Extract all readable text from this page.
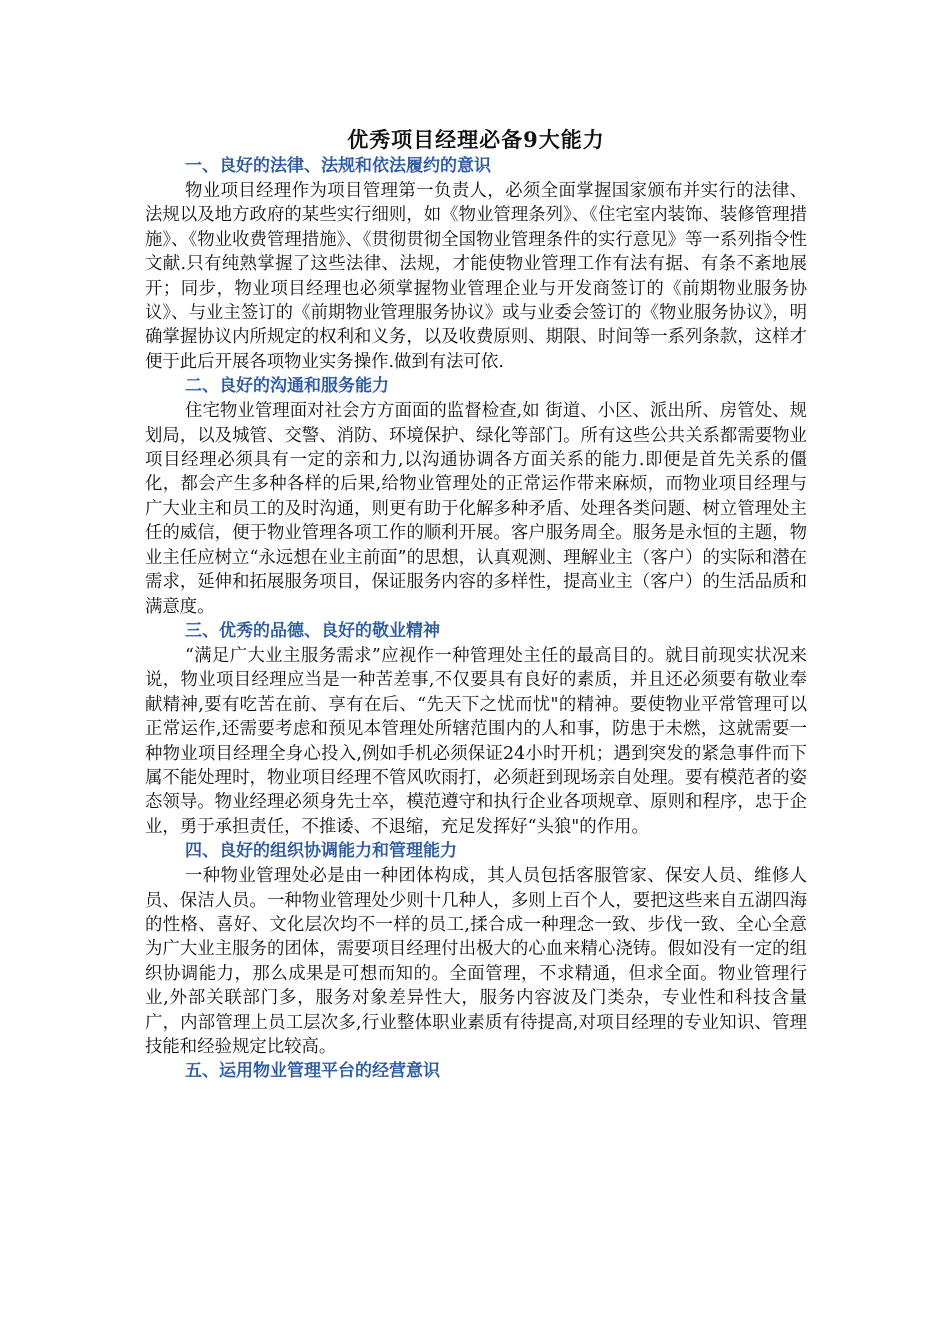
优秀项目经理必备9大能力
一、良好的法律、法规和依法履约的意识

物业项目经理作为项目管理第一负责人，必须全面掌握国家颁布并实行的法律、法规以及地方政府的某些实行细则，如《物业管理条列》、《住宅室内装饰、装修管理措施》、《物业收费管理措施》、《贯彻贯彻全国物业管理条件的实行意见》等一系列指令性文献.只有纯熟掌握了这些法律、法规，才能使物业管理工作有法有据、有条不紊地展开；同步，物业项目经理也必须掌握物业管理企业与开发商签订的《前期物业服务协议》、与业主签订的《前期物业管理服务协议》或与业委会签订的《物业服务协议》，明确掌握协议内所规定的权利和义务，以及收费原则、期限、时间等一系列条款，这样才便于此后开展各项物业实务操作.做到有法可依.

二、良好的沟通和服务能力

住宅物业管理面对社会方方面面的监督检查,如 街道、小区、派出所、房管处、规划局，以及城管、交警、消防、环境保护、绿化等部门。所有这些公共关系都需要物业项目经理必须具有一定的亲和力,以沟通协调各方面关系的能力.即便是首先关系的僵化，都会产生多种各样的后果,给物业管理处的正常运作带来麻烦，而物业项目经理与广大业主和员工的及时沟通，则更有助于化解多种矛盾、处理各类问题、树立管理处主任的威信，便于物业管理各项工作的顺利开展。客户服务周全。服务是永恒的主题，物业主任应树立“永远想在业主前面”的思想，认真观测、理解业主（客户）的实际和潜在需求，延伸和拓展服务项目，保证服务内容的多样性，提高业主（客户）的生活品质和满意度。

三、优秀的品德、良好的敬业精神

“满足广大业主服务需求”应视作一种管理处主任的最高目的。就目前现实状况来说，物业项目经理应当是一种苦差事,不仅要具有良好的素质，并且还必须要有敬业奉献精神,要有吃苦在前、享有在后、“先天下之忧而忧"的精神。要使物业平常管理可以正常运作,还需要考虑和预见本管理处所辖范围内的人和事，防患于未燃，这就需要一种物业项目经理全身心投入,例如手机必须保证24小时开机；遇到突发的紧急事件而下属不能处理时，物业项目经理不管风吹雨打，必须赶到现场亲自处理。要有模范者的姿态领导。物业经理必须身先士卒，模范遵守和执行企业各项规章、原则和程序，忠于企业，勇于承担责任，不推诿、不退缩，充足发挥好“头狼"的作用。

四、良好的组织协调能力和管理能力

一种物业管理处必是由一种团体构成，其人员包括客服管家、保安人员、维修人员、保洁人员。一种物业管理处少则十几种人，多则上百个人，要把这些来自五湖四海的性格、喜好、文化层次均不一样的员工,揉合成一种理念一致、步伐一致、全心全意为广大业主服务的团体，需要项目经理付出极大的心血来精心浇铸。假如没有一定的组织协调能力，那么成果是可想而知的。全面管理，不求精通，但求全面。物业管理行业,外部关联部门多，服务对象差异性大，服务内容波及门类杂，专业性和科技含量广，内部管理上员工层次多,行业整体职业素质有待提高,对项目经理的专业知识、管理技能和经验规定比较高。

五、运用物业管理平台的经营意识
